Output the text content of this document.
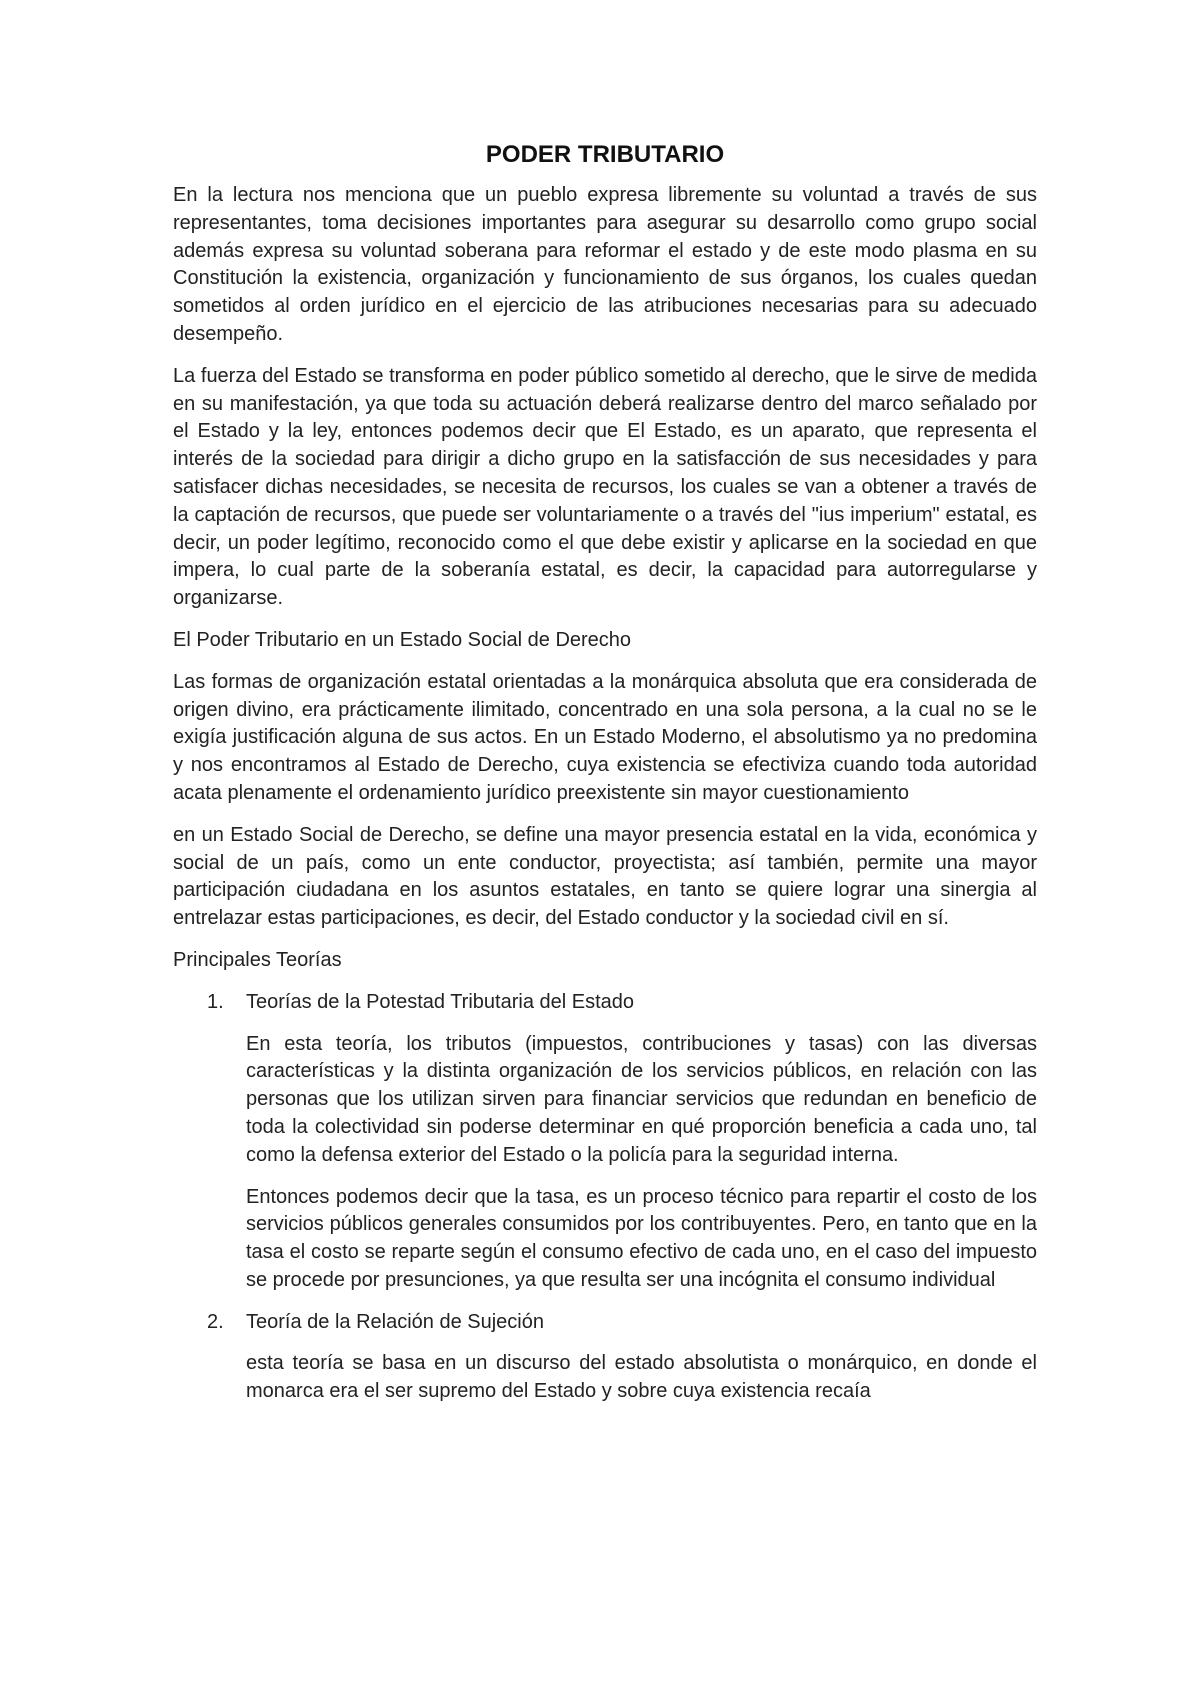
PODER TRIBUTARIO

En la lectura nos menciona que un pueblo expresa libremente su voluntad a través de sus representantes, toma decisiones importantes para asegurar su desarrollo como grupo social además expresa su voluntad soberana para reformar el estado y de este modo plasma en su Constitución la existencia, organización y funcionamiento de sus órganos, los cuales quedan sometidos al orden jurídico en el ejercicio de las atribuciones necesarias para su adecuado desempeño.

La fuerza del Estado se transforma en poder público sometido al derecho, que le sirve de medida en su manifestación, ya que toda su actuación deberá realizarse dentro del marco señalado por el Estado y la ley, entonces podemos decir que El Estado, es un aparato, que representa el interés de la sociedad para dirigir a dicho grupo en la satisfacción de sus necesidades y para satisfacer dichas necesidades, se necesita de recursos, los cuales se van a obtener a través de la captación de recursos, que puede ser voluntariamente o a través del "ius imperium" estatal, es decir, un poder legítimo, reconocido como el que debe existir y aplicarse en la sociedad en que impera, lo cual parte de la soberanía estatal, es decir, la capacidad para autorregularse y organizarse.

El Poder Tributario en un Estado Social de Derecho

Las formas de organización estatal orientadas a la monárquica absoluta que era considerada de origen divino, era prácticamente ilimitado, concentrado en una sola persona, a la cual no se le exigía justificación alguna de sus actos. En un Estado Moderno, el absolutismo ya no predomina y nos encontramos al Estado de Derecho, cuya existencia se efectiviza cuando toda autoridad acata plenamente el ordenamiento jurídico preexistente sin mayor cuestionamiento

en un Estado Social de Derecho, se define una mayor presencia estatal en la vida, económica y social de un país, como un ente conductor, proyectista; así también, permite una mayor participación ciudadana en los asuntos estatales, en tanto se quiere lograr una sinergia al entrelazar estas participaciones, es decir, del Estado conductor y la sociedad civil en sí.

Principales Teorías

1. Teorías de la Potestad Tributaria del Estado

En esta teoría, los tributos (impuestos, contribuciones y tasas) con las diversas características y la distinta organización de los servicios públicos, en relación con las personas que los utilizan sirven para financiar servicios que redundan en beneficio de toda la colectividad sin poderse determinar en qué proporción beneficia a cada uno, tal como la defensa exterior del Estado o la policía para la seguridad interna.

Entonces podemos decir que la tasa, es un proceso técnico para repartir el costo de los servicios públicos generales consumidos por los contribuyentes. Pero, en tanto que en la tasa el costo se reparte según el consumo efectivo de cada uno, en el caso del impuesto se procede por presunciones, ya que resulta ser una incógnita el consumo individual

2. Teoría de la Relación de Sujeción

esta teoría se basa en un discurso del estado absolutista o monárquico, en donde el monarca era el ser supremo del Estado y sobre cuya existencia recaía
